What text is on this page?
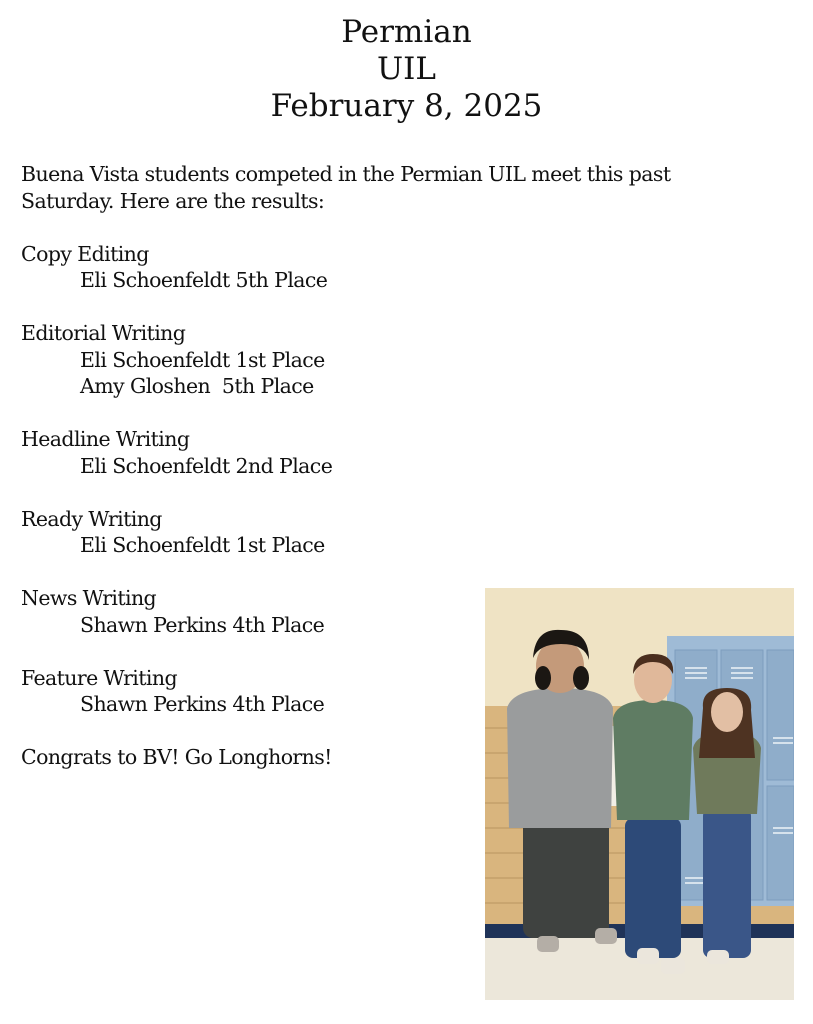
Permian
UIL
February 8, 2025
Buena Vista students competed in the Permian UIL meet this past
Saturday. Here are the results:
Copy Editing
Eli Schoenfeldt 5th Place
Editorial Writing
Eli Schoenfeldt 1st Place
Amy Gloshen  5th Place
Headline Writing
Eli Schoenfeldt 2nd Place
Ready Writing
Eli Schoenfeldt 1st Place
News Writing
Shawn Perkins 4th Place
Feature Writing
Shawn Perkins 4th Place
Congrats to BV! Go Longhorns!
